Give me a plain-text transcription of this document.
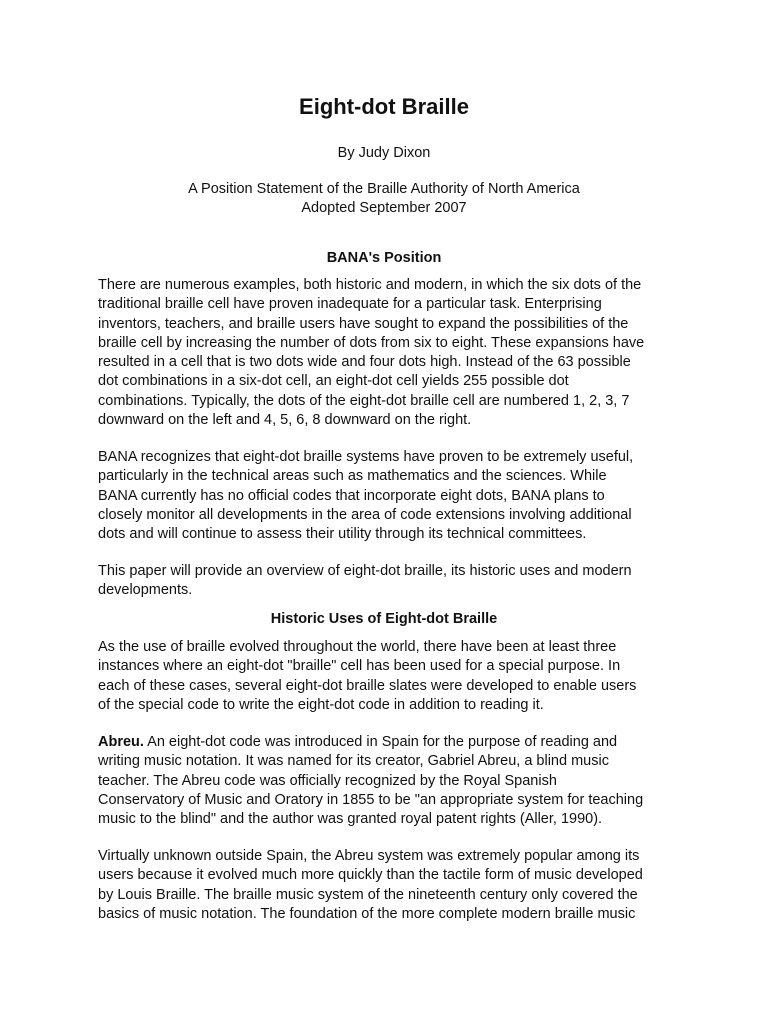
Eight-dot Braille
By Judy Dixon
A Position Statement of the Braille Authority of North America
Adopted September 2007
BANA's Position

There are numerous examples, both historic and modern, in which the six dots of the
traditional braille cell have proven inadequate for a particular task. Enterprising
inventors, teachers, and braille users have sought to expand the possibilities of the
braille cell by increasing the number of dots from six to eight. These expansions have
resulted in a cell that is two dots wide and four dots high. Instead of the 63 possible
dot combinations in a six-dot cell, an eight-dot cell yields 255 possible dot
combinations. Typically, the dots of the eight-dot braille cell are numbered 1, 2, 3, 7
downward on the left and 4, 5, 6, 8 downward on the right.

BANA recognizes that eight-dot braille systems have proven to be extremely useful,
particularly in the technical areas such as mathematics and the sciences. While
BANA currently has no official codes that incorporate eight dots, BANA plans to
closely monitor all developments in the area of code extensions involving additional
dots and will continue to assess their utility through its technical committees.

This paper will provide an overview of eight-dot braille, its historic uses and modern
developments.

Historic Uses of Eight-dot Braille

As the use of braille evolved throughout the world, there have been at least three
instances where an eight-dot "braille" cell has been used for a special purpose. In
each of these cases, several eight-dot braille slates were developed to enable users
of the special code to write the eight-dot code in addition to reading it.

Abreu. An eight-dot code was introduced in Spain for the purpose of reading and
writing music notation. It was named for its creator, Gabriel Abreu, a blind music
teacher. The Abreu code was officially recognized by the Royal Spanish
Conservatory of Music and Oratory in 1855 to be "an appropriate system for teaching
music to the blind" and the author was granted royal patent rights (Aller, 1990).

Virtually unknown outside Spain, the Abreu system was extremely popular among its
users because it evolved much more quickly than the tactile form of music developed
by Louis Braille. The braille music system of the nineteenth century only covered the
basics of music notation. The foundation of the more complete modern braille music
